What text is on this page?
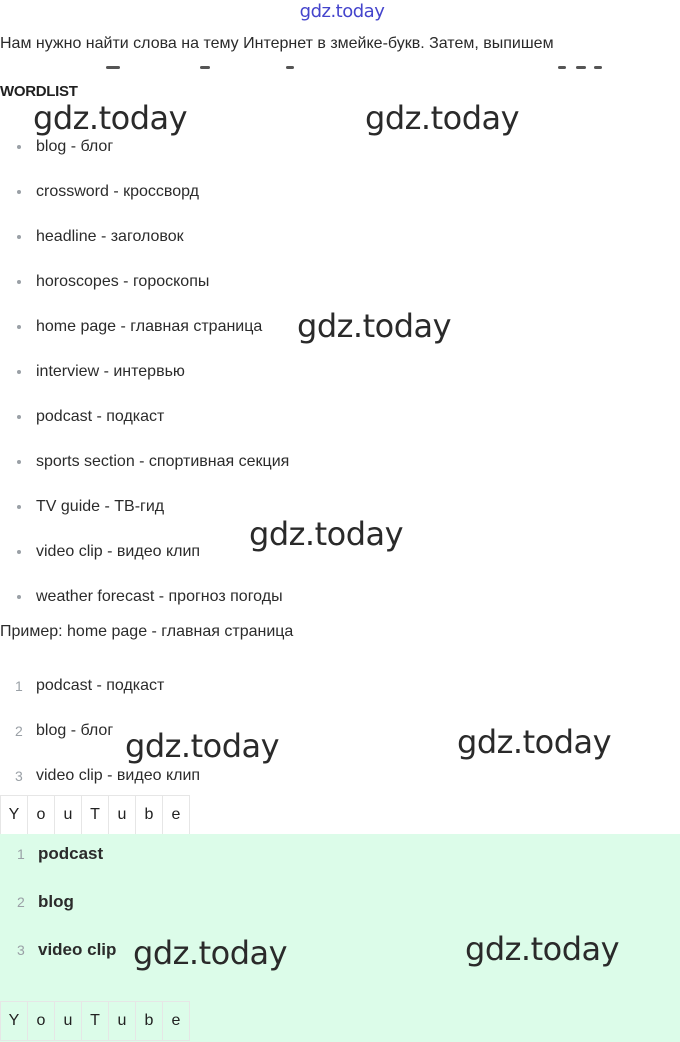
gdz.today
Нам нужно найти слова на тему Интернет в змейке-букв. Затем, выпишем
WORDLIST
blog - блог
crossword - кроссворд
headline - заголовок
horoscopes - гороскопы
home page - главная страница
interview - интервью
podcast - подкаст
sports section - спортивная секция
TV guide - ТВ-гид
video clip - видео клип
weather forecast - прогноз погоды
Пример: home page - главная страница
1 podcast - подкаст
2 blog - блог
3 video clip - видео клип
Y	o	u	T	u	b	e
1 podcast
2 blog
3 video clip
Y	o	u	T	u	b	e
gdz.today	gdz.today
gdz.today
gdz.today
gdz.today	gdz.today
gdz.today	gdz.today
